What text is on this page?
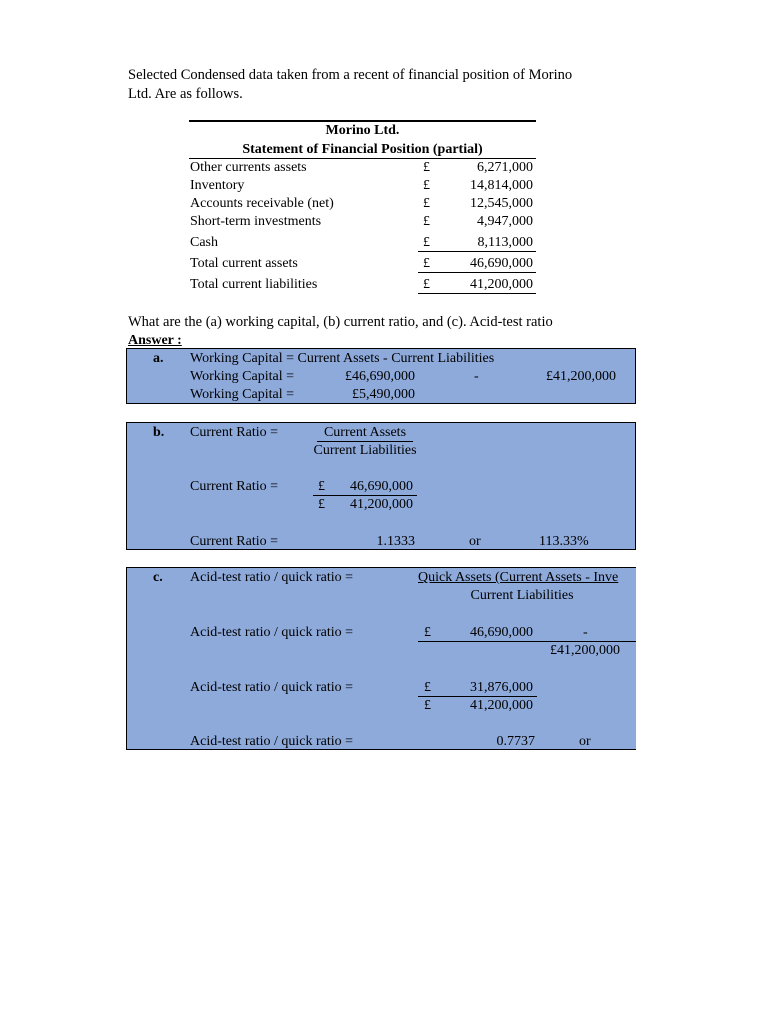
Selected Condensed data taken from a recent of financial position of Morino
Ltd. Are as follows.
Morino Ltd.
Statement of Financial Position (partial)
Other currents assets	£	6,271,000
Inventory	£	14,814,000
Accounts receivable (net)	£	12,545,000
Short-term investments	£	4,947,000
Cash	£	8,113,000
Total current assets	£	46,690,000
Total current liabilities	£	41,200,000
What are the (a) working capital, (b) current ratio, and (c). Acid-test ratio
Answer :
a. Working Capital = Current Assets - Current Liabilities
Working Capital =	£46,690,000	-	£41,200,000
Working Capital =	£5,490,000
b. Current Ratio =	Current Assets
Current Liabilities
Current Ratio =	£	46,690,000
£	41,200,000
Current Ratio =	1.1333	or	113.33%
c. Acid-test ratio / quick ratio =	Quick Assets (Current Assets - Inve
Current Liabilities
Acid-test ratio / quick ratio =	£	46,690,000	-
£41,200,000
Acid-test ratio / quick ratio =	£	31,876,000
£	41,200,000
Acid-test ratio / quick ratio =	0.7737	or
